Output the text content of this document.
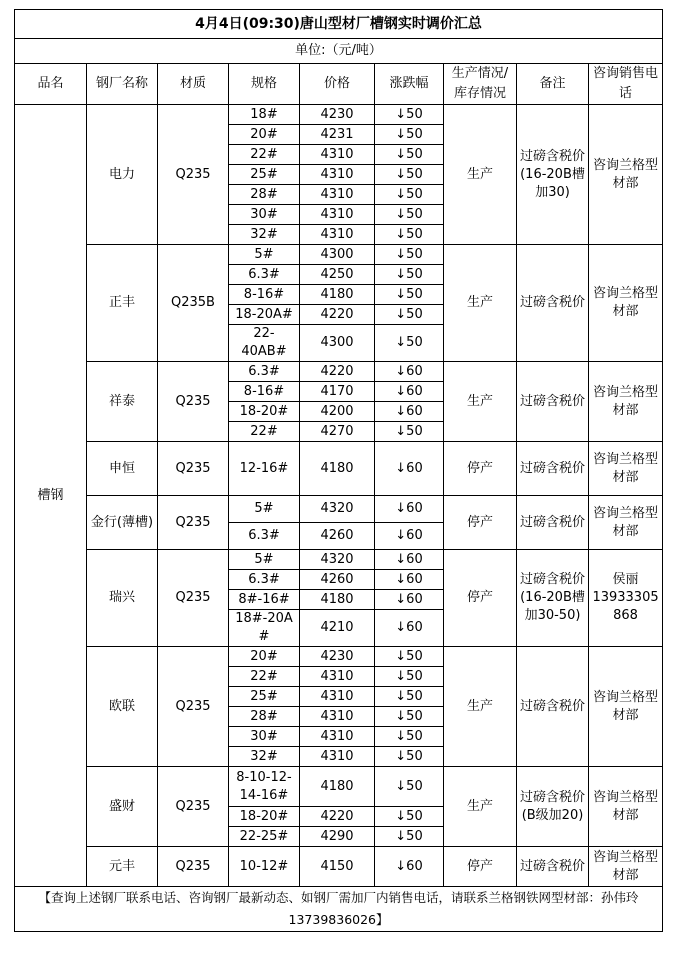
4月4日(09:30)唐山型材厂槽钢实时调价汇总								
单位:（元/吨）								
品名	钢厂名称	材质	规格	价格	涨跌幅	生产情况/库存情况	备注	咨询销售电话
槽钢	电力	Q235	18#	4230	↓50	生产	过磅含税价(16-20B槽加30)	咨询兰格型材部
			20#	4231	↓50			
			22#	4310	↓50			
			25#	4310	↓50			
			28#	4310	↓50			
			30#	4310	↓50			
			32#	4310	↓50			
	正丰	Q235B	5#	4300	↓50	生产	过磅含税价	咨询兰格型材部
			6.3#	4250	↓50			
			8-16#	4180	↓50			
			18-20A#	4220	↓50			
			22-40AB#	4300	↓50			
	祥泰	Q235	6.3#	4220	↓60	生产	过磅含税价	咨询兰格型材部
			8-16#	4170	↓60			
			18-20#	4200	↓60			
			22#	4270	↓50			
	申恒	Q235	12-16#	4180	↓60	停产	过磅含税价	咨询兰格型材部
	金行(薄槽)	Q235	5#	4320	↓60	停产	过磅含税价	咨询兰格型材部
			6.3#	4260	↓60			
	瑞兴	Q235	5#	4320	↓60	停产	过磅含税价(16-20B槽加30-50)	侯丽 13933305868
			6.3#	4260	↓60			
			8#-16#	4180	↓60			
			18#-20A#	4210	↓60			
	欧联	Q235	20#	4230	↓50	生产	过磅含税价	咨询兰格型材部
			22#	4310	↓50			
			25#	4310	↓50			
			28#	4310	↓50			
			30#	4310	↓50			
			32#	4310	↓50			
	盛财	Q235	8-10-12-14-16#	4180	↓50	生产	过磅含税价(B级加20)	咨询兰格型材部
			18-20#	4220	↓50			
			22-25#	4290	↓50			
	元丰	Q235	10-12#	4150	↓60	停产	过磅含税价	咨询兰格型材部
【查询上述钢厂联系电话、咨询钢厂最新动态、如钢厂需加厂内销售电话，请联系兰格钢铁网型材部：孙伟玲 13739836026】								
